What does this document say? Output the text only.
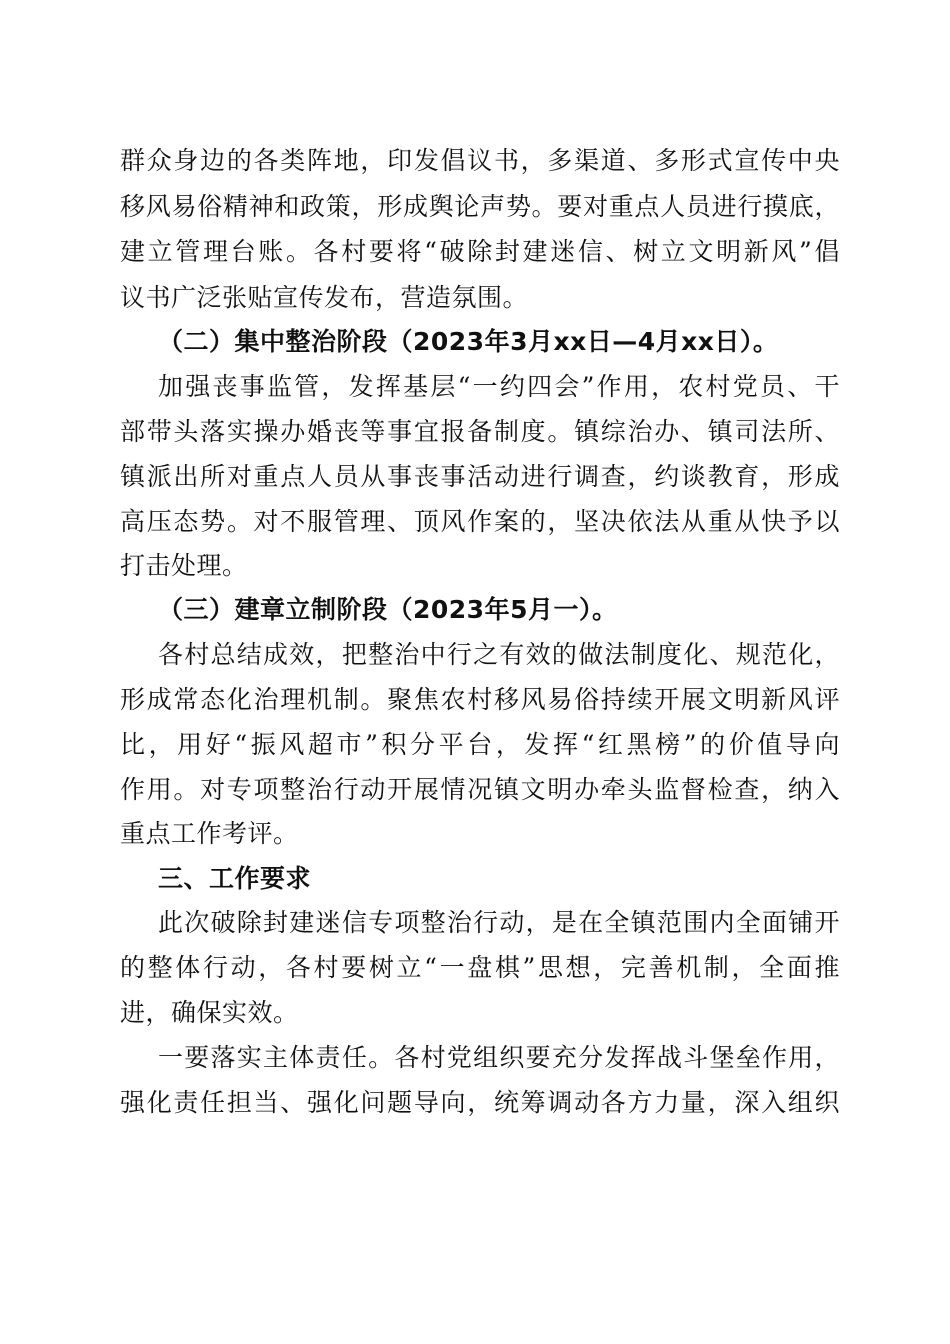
群众身边的各类阵地，印发倡议书，多渠道、多形式宣传中央
移风易俗精神和政策，形成舆论声势。要对重点人员进行摸底，
建立管理台账。各村要将“破除封建迷信、树立文明新风”倡
议书广泛张贴宣传发布，营造氛围。
（二）集中整治阶段（2023年3月xx日—4月xx日）。
加强丧事监管，发挥基层“一约四会”作用，农村党员、干
部带头落实操办婚丧等事宜报备制度。镇综治办、镇司法所、
镇派出所对重点人员从事丧事活动进行调查，约谈教育，形成
高压态势。对不服管理、顶风作案的，坚决依法从重从快予以
打击处理。
（三）建章立制阶段（2023年5月一）。
各村总结成效，把整治中行之有效的做法制度化、规范化，
形成常态化治理机制。聚焦农村移风易俗持续开展文明新风评
比，用好“振风超市”积分平台，发挥“红黑榜”的价值导向
作用。对专项整治行动开展情况镇文明办牵头监督检查，纳入
重点工作考评。
三、工作要求
此次破除封建迷信专项整治行动，是在全镇范围内全面铺开
的整体行动，各村要树立“一盘棋”思想，完善机制，全面推
进，确保实效。
一要落实主体责任。各村党组织要充分发挥战斗堡垒作用，
强化责任担当、强化问题导向，统筹调动各方力量，深入组织
